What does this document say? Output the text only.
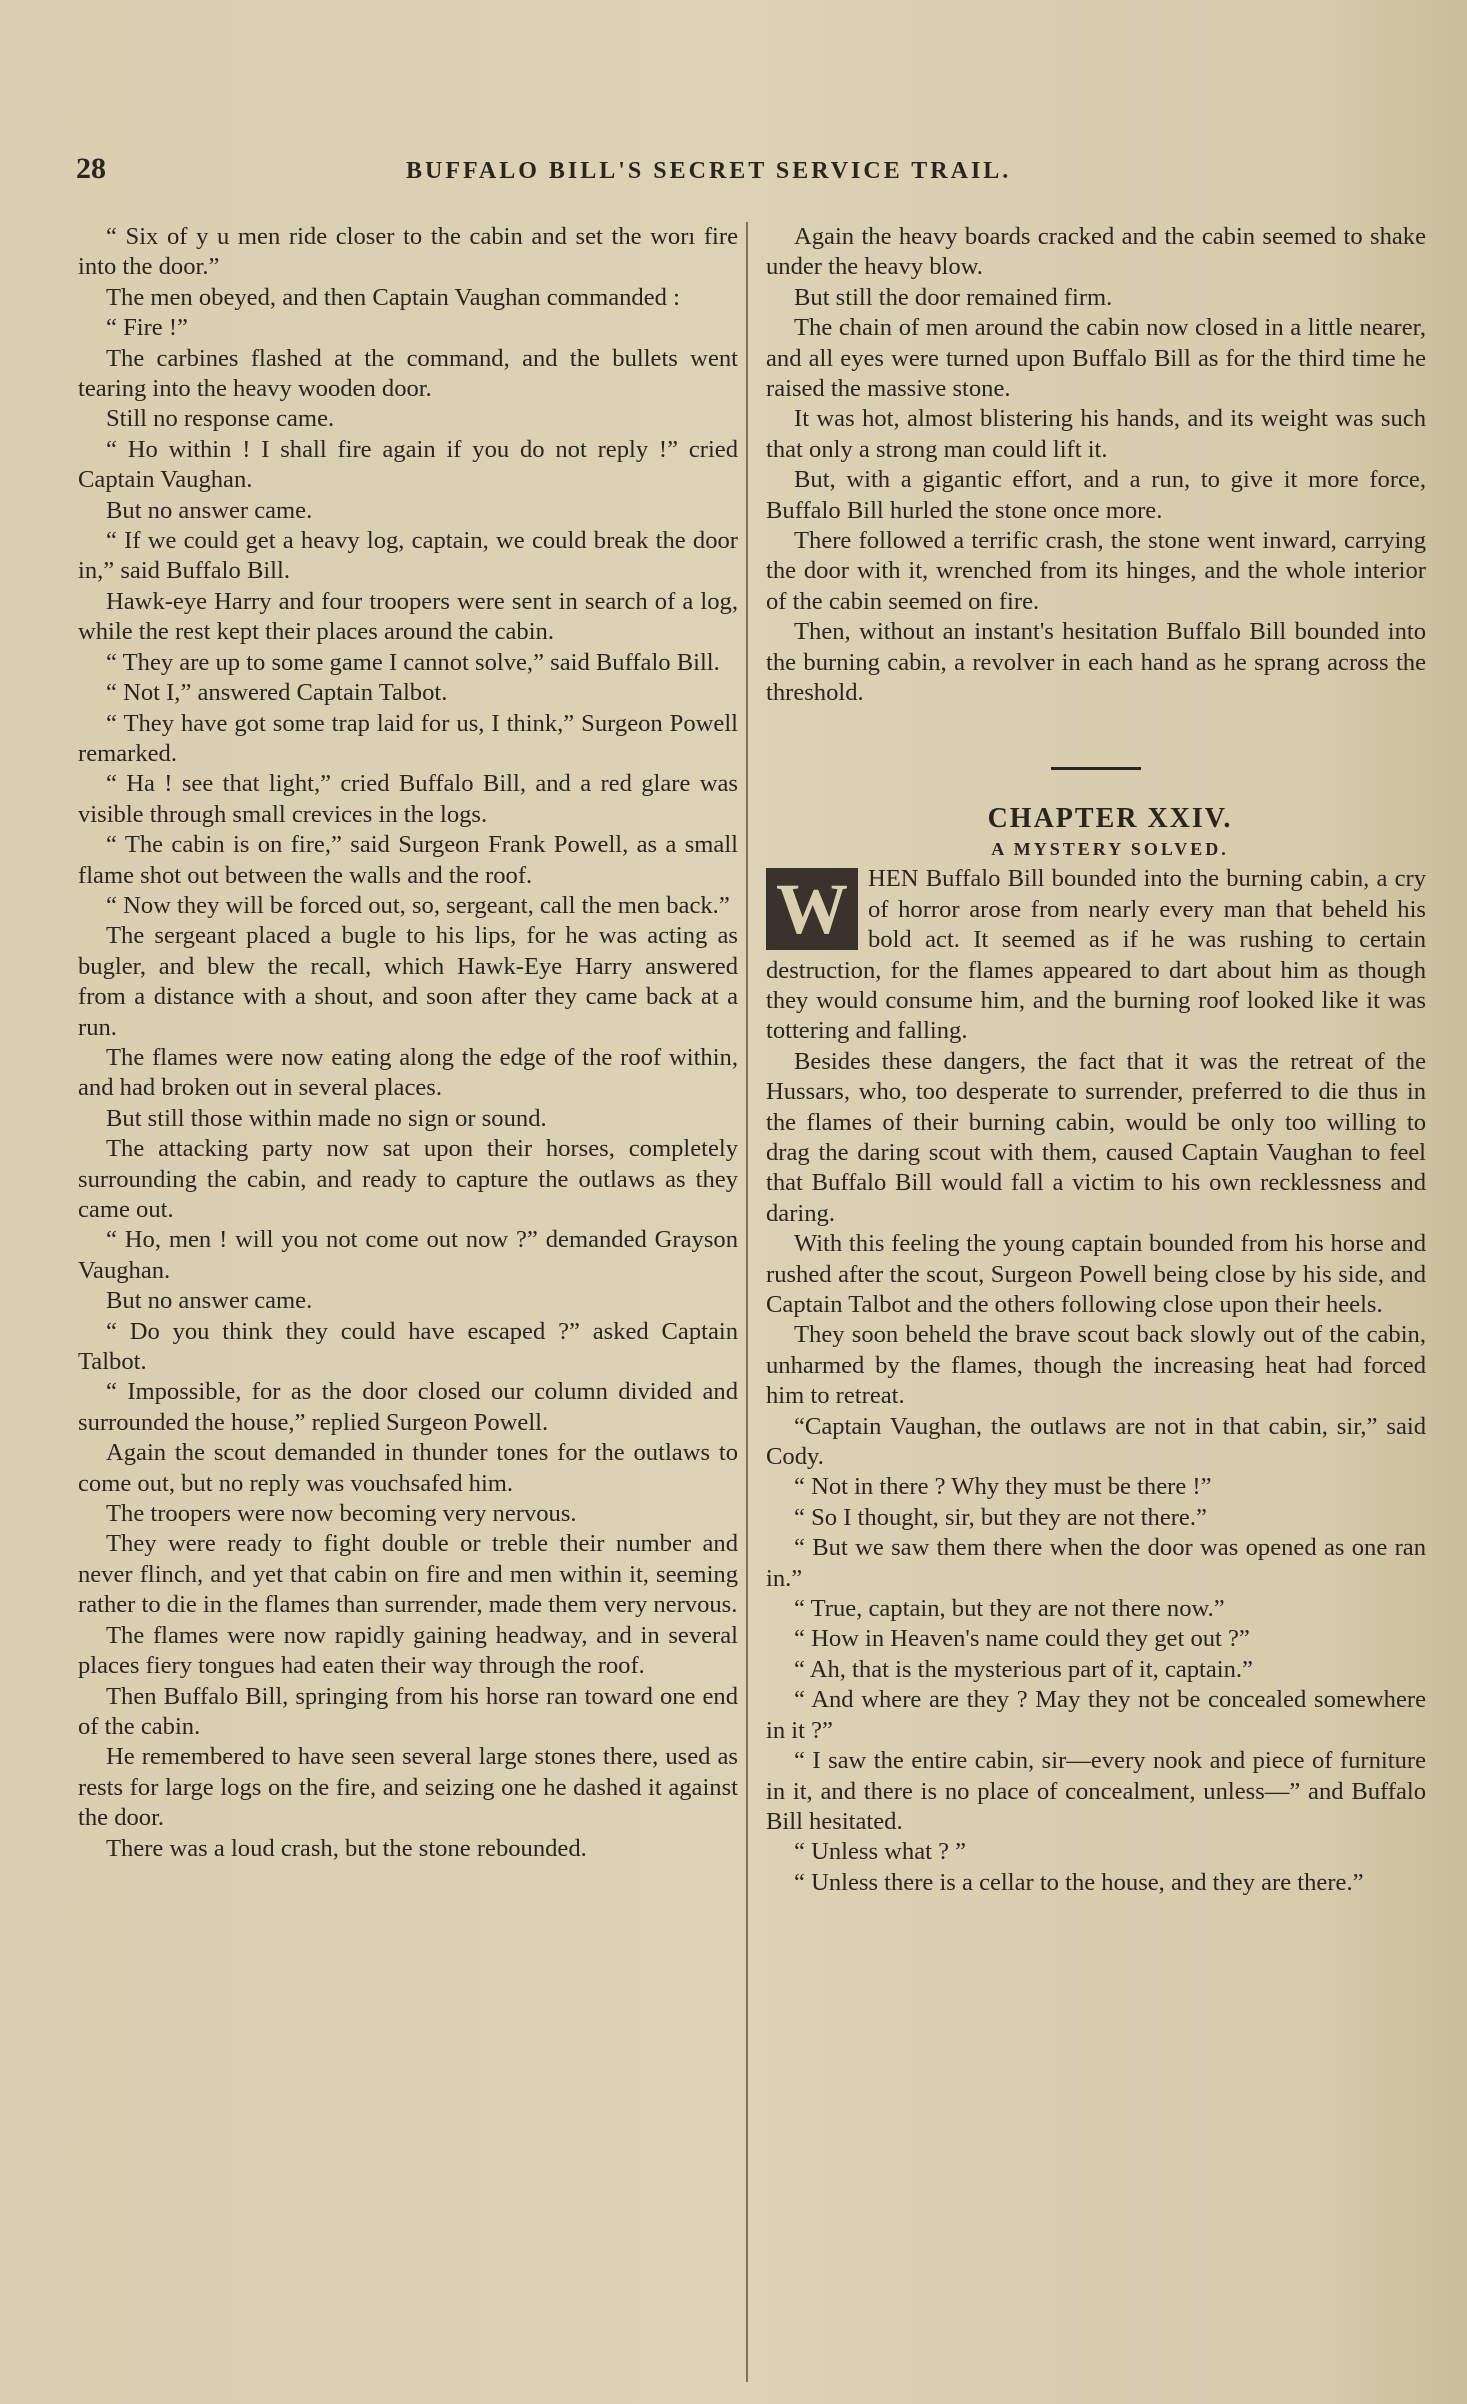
28	BUFFALO BILL'S SECRET SERVICE TRAIL.

“ Six of y u men ride closer to the cabin and set the worı fire into the door.”

The men obeyed, and then Captain Vaughan commanded :

“ Fire !”

The carbines flashed at the command, and the bullets went tearing into the heavy wooden door.

Still no response came.

“ Ho within ! I shall fire again if you do not reply !” cried Captain Vaughan.

But no answer came.

“ If we could get a heavy log, captain, we could break the door in,” said Buffalo Bill.

Hawk-eye Harry and four troopers were sent in search of a log, while the rest kept their places around the cabin.

“ They are up to some game I cannot solve,” said Buffalo Bill.

“ Not I,” answered Captain Talbot.

“ They have got some trap laid for us, I think,” Surgeon Powell remarked.

“ Ha ! see that light,” cried Buffalo Bill, and a red glare was visible through small crevices in the logs.

“ The cabin is on fire,” said Surgeon Frank Powell, as a small flame shot out between the walls and the roof.

“ Now they will be forced out, so, sergeant, call the men back.”

The sergeant placed a bugle to his lips, for he was acting as bugler, and blew the recall, which Hawk-Eye Harry answered from a distance with a shout, and soon after they came back at a run.

The flames were now eating along the edge of the roof within, and had broken out in several places.

But still those within made no sign or sound.

The attacking party now sat upon their horses, completely surrounding the cabin, and ready to capture the outlaws as they came out.

“ Ho, men ! will you not come out now ?” demanded Grayson Vaughan.

But no answer came.

“ Do you think they could have escaped ?” asked Captain Talbot.

“ Impossible, for as the door closed our column divided and surrounded the house,” replied Surgeon Powell.

Again the scout demanded in thunder tones for the outlaws to come out, but no reply was vouchsafed him.

The troopers were now becoming very nervous.

They were ready to fight double or treble their number and never flinch, and yet that cabin on fire and men within it, seeming rather to die in the flames than surrender, made them very nervous.

The flames were now rapidly gaining headway, and in several places fiery tongues had eaten their way through the roof.

Then Buffalo Bill, springing from his horse ran toward one end of the cabin.

He remembered to have seen several large stones there, used as rests for large logs on the fire, and seizing one he dashed it against the door.

There was a loud crash, but the stone rebounded.

Again the heavy boards cracked and the cabin seemed to shake under the heavy blow.

But still the door remained firm.

The chain of men around the cabin now closed in a little nearer, and all eyes were turned upon Buffalo Bill as for the third time he raised the massive stone.

It was hot, almost blistering his hands, and its weight was such that only a strong man could lift it.

But, with a gigantic effort, and a run, to give it more force, Buffalo Bill hurled the stone once more.

There followed a terrific crash, the stone went inward, carrying the door with it, wrenched from its hinges, and the whole interior of the cabin seemed on fire.

Then, without an instant's hesitation Buffalo Bill bounded into the burning cabin, a revolver in each hand as he sprang across the threshold.

CHAPTER XXIV.

A MYSTERY SOLVED.

W HEN Buffalo Bill bounded into the burning cabin, a cry of horror arose from nearly every man that beheld his bold act. It seemed as if he was rushing to certain destruction, for the flames appeared to dart about him as though they would consume him, and the burning roof looked like it was tottering and falling.

Besides these dangers, the fact that it was the retreat of the Hussars, who, too desperate to surrender, preferred to die thus in the flames of their burning cabin, would be only too willing to drag the daring scout with them, caused Captain Vaughan to feel that Buffalo Bill would fall a victim to his own recklessness and daring.

With this feeling the young captain bounded from his horse and rushed after the scout, Surgeon Powell being close by his side, and Captain Talbot and the others following close upon their heels.

They soon beheld the brave scout back slowly out of the cabin, unharmed by the flames, though the increasing heat had forced him to retreat.

“Captain Vaughan, the outlaws are not in that cabin, sir,” said Cody.

“ Not in there ? Why they must be there !”

“ So I thought, sir, but they are not there.”

“ But we saw them there when the door was opened as one ran in.”

“ True, captain, but they are not there now.”

“ How in Heaven's name could they get out ?”

“ Ah, that is the mysterious part of it, captain.”

“ And where are they ? May they not be concealed somewhere in it ?”

“ I saw the entire cabin, sir—every nook and piece of furniture in it, and there is no place of concealment, unless—” and Buffalo Bill hesitated.

“ Unless what ? ”

“ Unless there is a cellar to the house, and they are there.”
